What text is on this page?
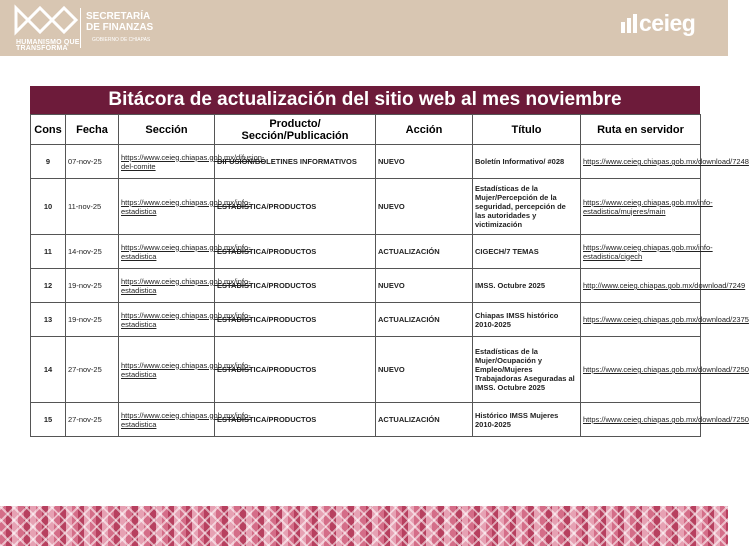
HUMANISMO QUE
TRANSFORMA
SECRETARÍA
DE FINANZAS
GOBIERNO DE CHIAPAS
ceieg
Bitácora de actualización del sitio web al mes noviembre
Cons	Fecha	Sección	Producto/ Sección/Publicación	Acción	Título	Ruta en servidor
9	07-nov-25	https://www.ceieg.chiapas.gob.mx/difusion-del-comite	DIFUSIÓN/BOLETINES INFORMATIVOS	NUEVO	Boletín Informativo/ #028	https://www.ceieg.chiapas.gob.mx/download/7248
10	11-nov-25	https://www.ceieg.chiapas.gob.mx/info-estadistica	ESTADÍSTICA/PRODUCTOS	NUEVO	Estadísticas de la Mujer/Percepción de la seguridad, percepción de las autoridades y victimización	https://www.ceieg.chiapas.gob.mx/info-estadistica/mujeres/main
11	14-nov-25	https://www.ceieg.chiapas.gob.mx/info-estadistica	ESTADÍSTICA/PRODUCTOS	ACTUALIZACIÓN	CIGECH/7 TEMAS	https://www.ceieg.chiapas.gob.mx/info-estadistica/cigech
12	19-nov-25	https://www.ceieg.chiapas.gob.mx/info-estadistica	ESTADÍSTICA/PRODUCTOS	NUEVO	IMSS. Octubre 2025	http://www.ceieg.chiapas.gob.mx/download/7249
13	19-nov-25	https://www.ceieg.chiapas.gob.mx/info-estadistica	ESTADÍSTICA/PRODUCTOS	ACTUALIZACIÓN	Chiapas IMSS histórico 2010-2025	https://www.ceieg.chiapas.gob.mx/download/2375
14	27-nov-25	https://www.ceieg.chiapas.gob.mx/info-estadistica	ESTADÍSTICA/PRODUCTOS	NUEVO	Estadísticas de la Mujer/Ocupación y Empleo/Mujeres Trabajadoras Aseguradas al IMSS. Octubre 2025	https://www.ceieg.chiapas.gob.mx/download/7250
15	27-nov-25	https://www.ceieg.chiapas.gob.mx/info-estadistica	ESTADÍSTICA/PRODUCTOS	ACTUALIZACIÓN	Histórico IMSS Mujeres 2010-2025	https://www.ceieg.chiapas.gob.mx/download/7250
